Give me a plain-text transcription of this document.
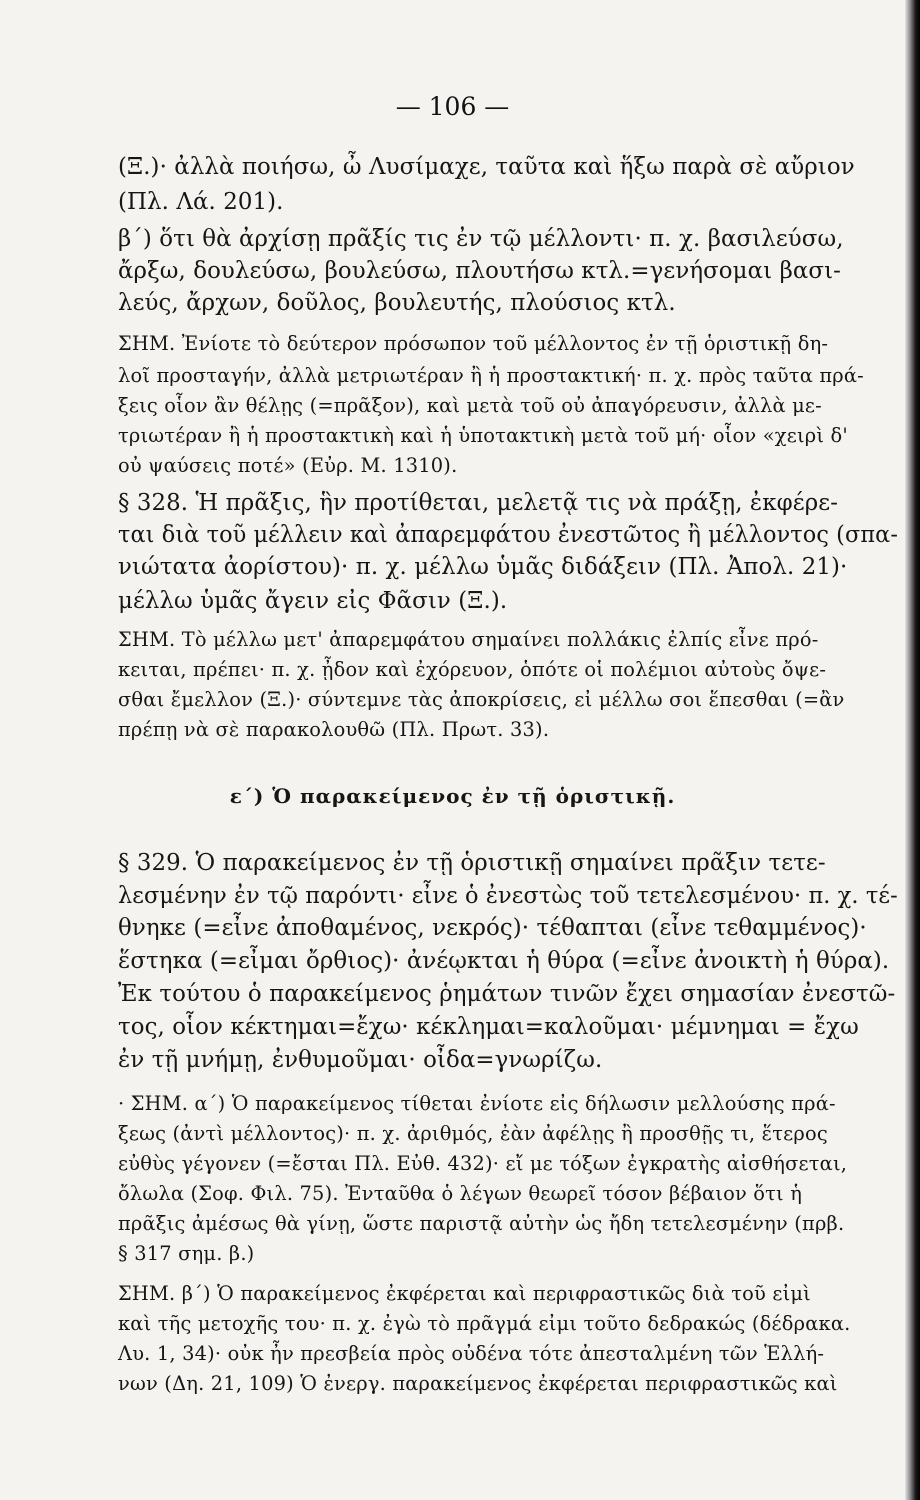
— 106 —
(Ξ.)· ἀλλὰ ποιήσω, ὦ Λυσίμαχε, ταῦτα καὶ ἥξω παρὰ σὲ αὔριον
(Πλ. Λά. 201).
β΄) ὅτι θὰ ἀρχίσῃ πρᾶξίς τις ἐν τῷ μέλλοντι· π. χ. βασιλεύσω,
ἄρξω, δουλεύσω, βουλεύσω, πλουτήσω κτλ.=γενήσομαι βασι-
λεύς, ἄρχων, δοῦλος, βουλευτής, πλούσιος κτλ.
ΣΗΜ. Ἐνίοτε τὸ δεύτερον πρόσωπον τοῦ μέλλοντος ἐν τῇ ὁριστικῇ δη-
λοῖ προσταγήν, ἀλλὰ μετριωτέραν ἢ ἡ προστακτική· π. χ. πρὸς ταῦτα πρά-
ξεις οἷον ἂν θέλῃς (=πρᾶξον), καὶ μετὰ τοῦ οὐ ἀπαγόρευσιν, ἀλλὰ με-
τριωτέραν ἢ ἡ προστακτικὴ καὶ ἡ ὑποτακτικὴ μετὰ τοῦ μή· οἷον «χειρὶ δ'
οὐ ψαύσεις ποτέ» (Εὐρ. Μ. 1310).
§ 328. Ἡ πρᾶξις, ἣν προτίθεται, μελετᾷ τις νὰ πράξῃ, ἐκφέρε-
ται διὰ τοῦ μέλλειν καὶ ἀπαρεμφάτου ἐνεστῶτος ἢ μέλλοντος (σπα-
νιώτατα ἀορίστου)· π. χ. μέλλω ὑμᾶς διδάξειν (Πλ. Ἀπολ. 21)·
μέλλω ὑμᾶς ἄγειν εἰς Φᾶσιν (Ξ.).
ΣΗΜ. Τὸ μέλλω μετ' ἀπαρεμφάτου σημαίνει πολλάκις ἐλπίς εἶνε πρό-
κειται, πρέπει· π. χ. ᾖδον καὶ ἐχόρευον, ὁπότε οἱ πολέμιοι αὐτοὺς ὄψε-
σθαι ἔμελλον (Ξ.)· σύντεμνε τὰς ἀποκρίσεις, εἰ μέλλω σοι ἕπεσθαι (=ἂν
πρέπῃ νὰ σὲ παρακολουθῶ (Πλ. Πρωτ. 33).
ε΄) Ὁ παρακείμενος ἐν τῇ ὁριστικῇ.
§ 329. Ὁ παρακείμενος ἐν τῇ ὁριστικῇ σημαίνει πρᾶξιν τετε-
λεσμένην ἐν τῷ παρόντι· εἶνε ὁ ἐνεστὼς τοῦ τετελεσμένου· π. χ. τέ-
θνηκε (=εἶνε ἀποθαμένος, νεκρός)· τέθαπται (εἶνε τεθαμμένος)·
ἕστηκα (=εἶμαι ὄρθιος)· ἀνέῳκται ἡ θύρα (=εἶνε ἀνοικτὴ ἡ θύρα).
Ἐκ τούτου ὁ παρακείμενος ῥημάτων τινῶν ἔχει σημασίαν ἐνεστῶ-
τος, οἷον κέκτημαι=ἔχω· κέκλημαι=καλοῦμαι· μέμνημαι = ἔχω
ἐν τῇ μνήμῃ, ἐνθυμοῦμαι· οἶδα=γνωρίζω.
· ΣΗΜ. α΄) Ὁ παρακείμενος τίθεται ἐνίοτε εἰς δήλωσιν μελλούσης πρά-
ξεως (ἀντὶ μέλλοντος)· π. χ. ἀριθμός, ἐὰν ἀφέλῃς ἢ προσθῇς τι, ἕτερος
εὐθὺς γέγονεν (=ἔσται Πλ. Εὐθ. 432)· εἴ με τόξων ἐγκρατὴς αἰσθήσεται,
ὄλωλα (Σοφ. Φιλ. 75). Ἐνταῦθα ὁ λέγων θεωρεῖ τόσον βέβαιον ὅτι ἡ
πρᾶξις ἀμέσως θὰ γίνῃ, ὥστε παριστᾷ αὐτὴν ὡς ἤδη τετελεσμένην (πρβ.
§ 317 σημ. β.)
ΣΗΜ. β΄) Ὁ παρακείμενος ἐκφέρεται καὶ περιφραστικῶς διὰ τοῦ εἰμὶ
καὶ τῆς μετοχῆς του· π. χ. ἐγὼ τὸ πρᾶγμά εἰμι τοῦτο δεδρακώς (δέδρακα.
Λυ. 1, 34)· οὐκ ἦν πρεσβεία πρὸς οὐδένα τότε ἀπεσταλμένη τῶν Ἑλλή-
νων (Δη. 21, 109) Ὁ ἐνεργ. παρακείμενος ἐκφέρεται περιφραστικῶς καὶ
